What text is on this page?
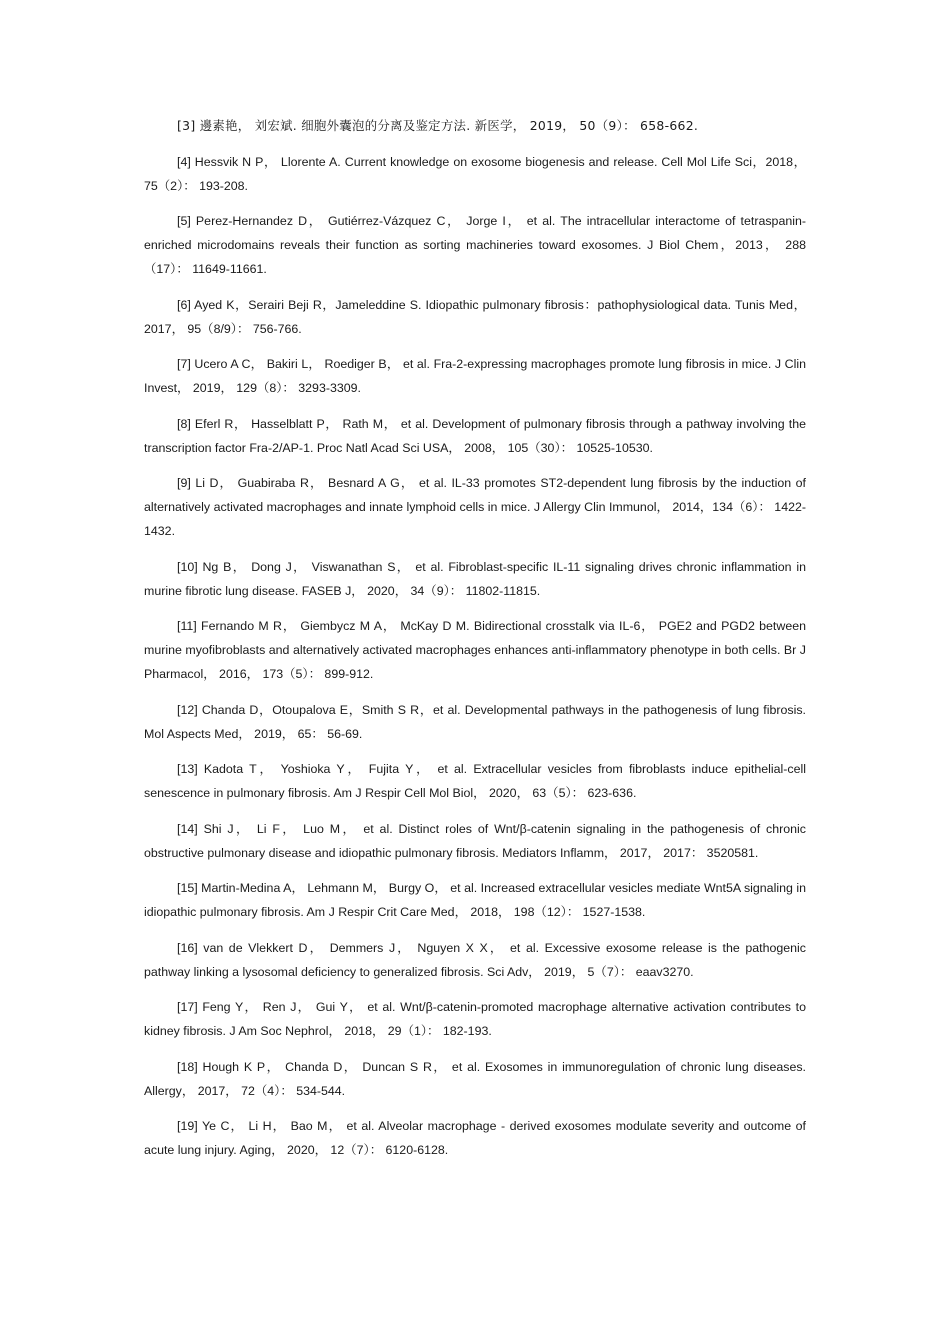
[3] 邊素艳， 刘宏斌. 细胞外囊泡的分离及鉴定方法. 新医学， 2019， 50（9）： 658-662.

[4] Hessvik N P， Llorente A. Current knowledge on exosome biogenesis and release. Cell Mol Life Sci，2018， 75（2）： 193-208.

[5] Perez-Hernandez D， Gutiérrez-Vázquez C， Jorge I， et al. The intracellular interactome of tetraspanin-enriched microdomains reveals their function as sorting machineries toward exosomes. J Biol Chem，2013， 288（17）： 11649-11661.

[6] Ayed K，Serairi Beji R，Jameleddine S. Idiopathic pulmonary fibrosis：pathophysiological data. Tunis Med， 2017， 95（8/9）： 756-766.

[7] Ucero A C， Bakiri L， Roediger B， et al. Fra-2-expressing macrophages promote lung fibrosis in mice. J Clin Invest， 2019， 129（8）： 3293-3309.

[8] Eferl R， Hasselblatt P， Rath M， et al. Development of pulmonary fibrosis through a pathway involving the transcription factor Fra-2/AP-1. Proc Natl Acad Sci USA， 2008， 105（30）： 10525-10530.

[9] Li D， Guabiraba R， Besnard A G， et al. IL-33 promotes ST2-dependent lung fibrosis by the induction of alternatively activated macrophages and innate lymphoid cells in mice. J Allergy Clin Immunol， 2014，134（6）： 1422-1432.

[10] Ng B， Dong J， Viswanathan S， et al. Fibroblast-specific IL-11 signaling drives chronic inflammation in murine fibrotic lung disease. FASEB J， 2020， 34（9）： 11802-11815.

[11] Fernando M R， Giembycz M A， McKay D M. Bidirectional crosstalk via IL-6， PGE2 and PGD2 between murine myofibroblasts and alternatively activated macrophages enhances anti-inflammatory phenotype in both cells. Br J Pharmacol， 2016， 173（5）： 899-912.

[12] Chanda D，Otoupalova E，Smith S R，et al. Developmental pathways in the pathogenesis of lung fibrosis. Mol Aspects Med， 2019， 65： 56-69.

[13] Kadota T， Yoshioka Y， Fujita Y， et al. Extracellular vesicles from fibroblasts induce epithelial-cell senescence in pulmonary fibrosis. Am J Respir Cell Mol Biol， 2020， 63（5）： 623-636.

[14] Shi J， Li F， Luo M， et al. Distinct roles of Wnt/β-catenin signaling in the pathogenesis of chronic obstructive pulmonary disease and idiopathic pulmonary fibrosis. Mediators Inflamm， 2017， 2017： 3520581.

[15] Martin-Medina A， Lehmann M， Burgy O， et al. Increased extracellular vesicles mediate Wnt5A signaling in idiopathic pulmonary fibrosis. Am J Respir Crit Care Med， 2018， 198（12）： 1527-1538.

[16] van de Vlekkert D， Demmers J， Nguyen X X， et al. Excessive exosome release is the pathogenic pathway linking a lysosomal deficiency to generalized fibrosis. Sci Adv， 2019， 5（7）： eaav3270.

[17] Feng Y， Ren J， Gui Y， et al. Wnt/β-catenin-promoted macrophage alternative activation contributes to kidney fibrosis. J Am Soc Nephrol， 2018， 29（1）： 182-193.

[18] Hough K P， Chanda D， Duncan S R， et al. Exosomes in immunoregulation of chronic lung diseases. Allergy， 2017， 72（4）： 534-544.

[19] Ye C， Li H， Bao M， et al. Alveolar macrophage - derived exosomes modulate severity and outcome of acute lung injury. Aging， 2020， 12（7）： 6120-6128.
